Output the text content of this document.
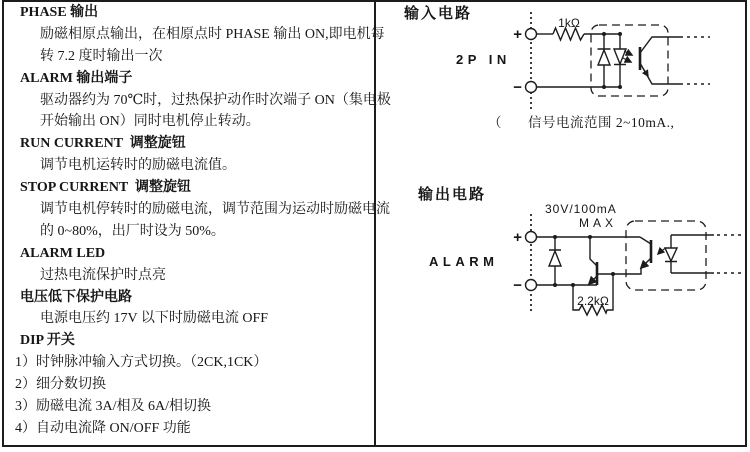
PHASE 输出
励磁相原点输出，在相原点时 PHASE 输出 ON,即电机每
转 7.2 度时输出一次
ALARM 输出端子
驱动器约为 70℃时，过热保护动作时次端子 ON（集电极
开始输出 ON）同时电机停止转动。
RUN CURRENT  调整旋钮
调节电机运转时的励磁电流值。
STOP CURRENT  调整旋钮
调节电机停转时的励磁电流，调节范围为运动时励磁电流
的 0~80%，出厂时设为 50%。
ALARM LED
过热电流保护时点亮
电压低下保护电路
电源电压约 17V 以下时励磁电流 OFF
DIP 开关
1）时钟脉冲输入方式切换。（2CK,1CK）
2）细分数切换
3）励磁电流 3A/相及 6A/相切换
4）自动电流降 ON/OFF 功能
输入电路
+
−
2P IN
1kΩ
（ 信号电流范围 2~10mA.,
输出电路
30V/100mA
MAX
+
−
ALARM
2.2kΩ
